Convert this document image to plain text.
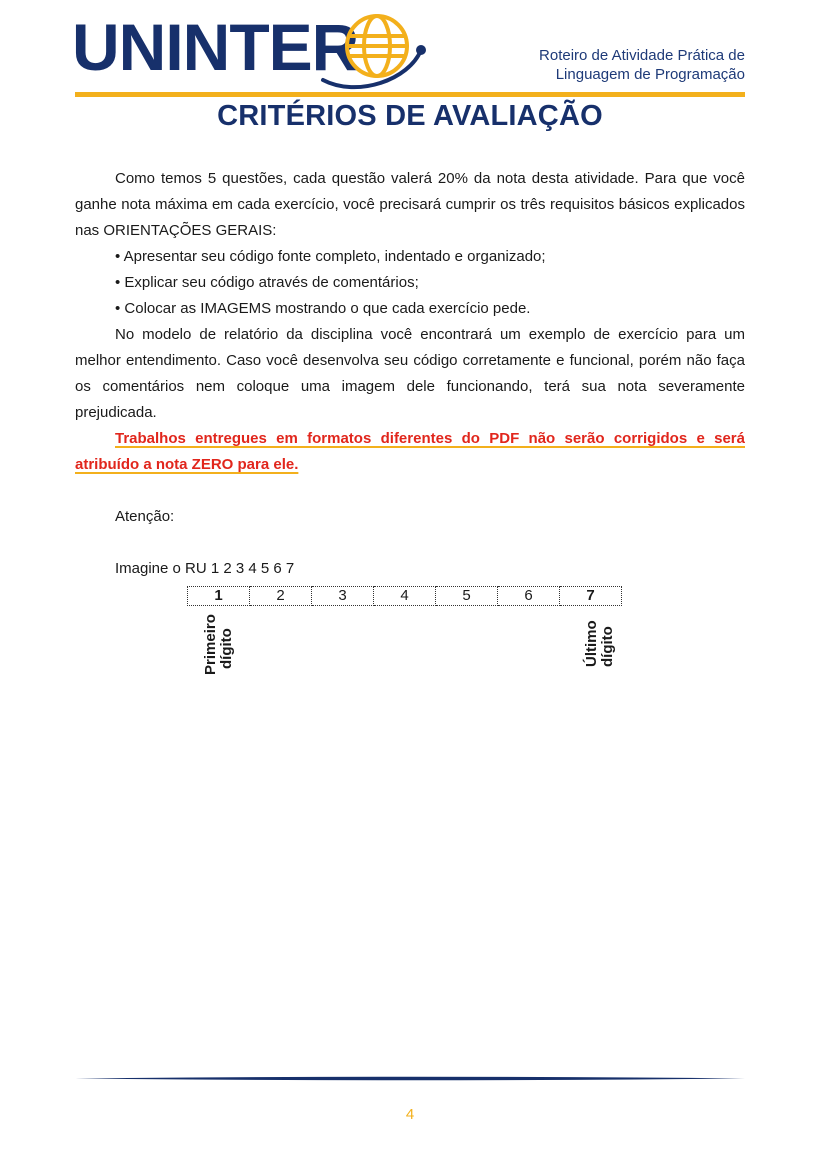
UNINTER	Roteiro de Atividade Prática de
Linguagem de Programação
CRITÉRIOS DE AVALIAÇÃO

Como temos 5 questões, cada questão valerá 20% da nota desta atividade. Para que você ganhe nota máxima em cada exercício, você precisará cumprir os três requisitos básicos explicados nas ORIENTAÇÕES GERAIS:

• Apresentar seu código fonte completo, indentado e organizado;

• Explicar seu código através de comentários;

• Colocar as IMAGEMS mostrando o que cada exercício pede.

No modelo de relatório da disciplina você encontrará um exemplo de exercício para um melhor entendimento. Caso você desenvolva seu código corretamente e funcional, porém não faça os comentários nem coloque uma imagem dele funcionando, terá sua nota severamente prejudicada.

Trabalhos entregues em formatos diferentes do PDF não serão corrigidos e será atribuído a nota ZERO para ele.

Atenção:

Imagine o RU 1 2 3 4 5 6 7

1	2	3	4	5	6	7
Primeiro dígito	Último dígito
4
